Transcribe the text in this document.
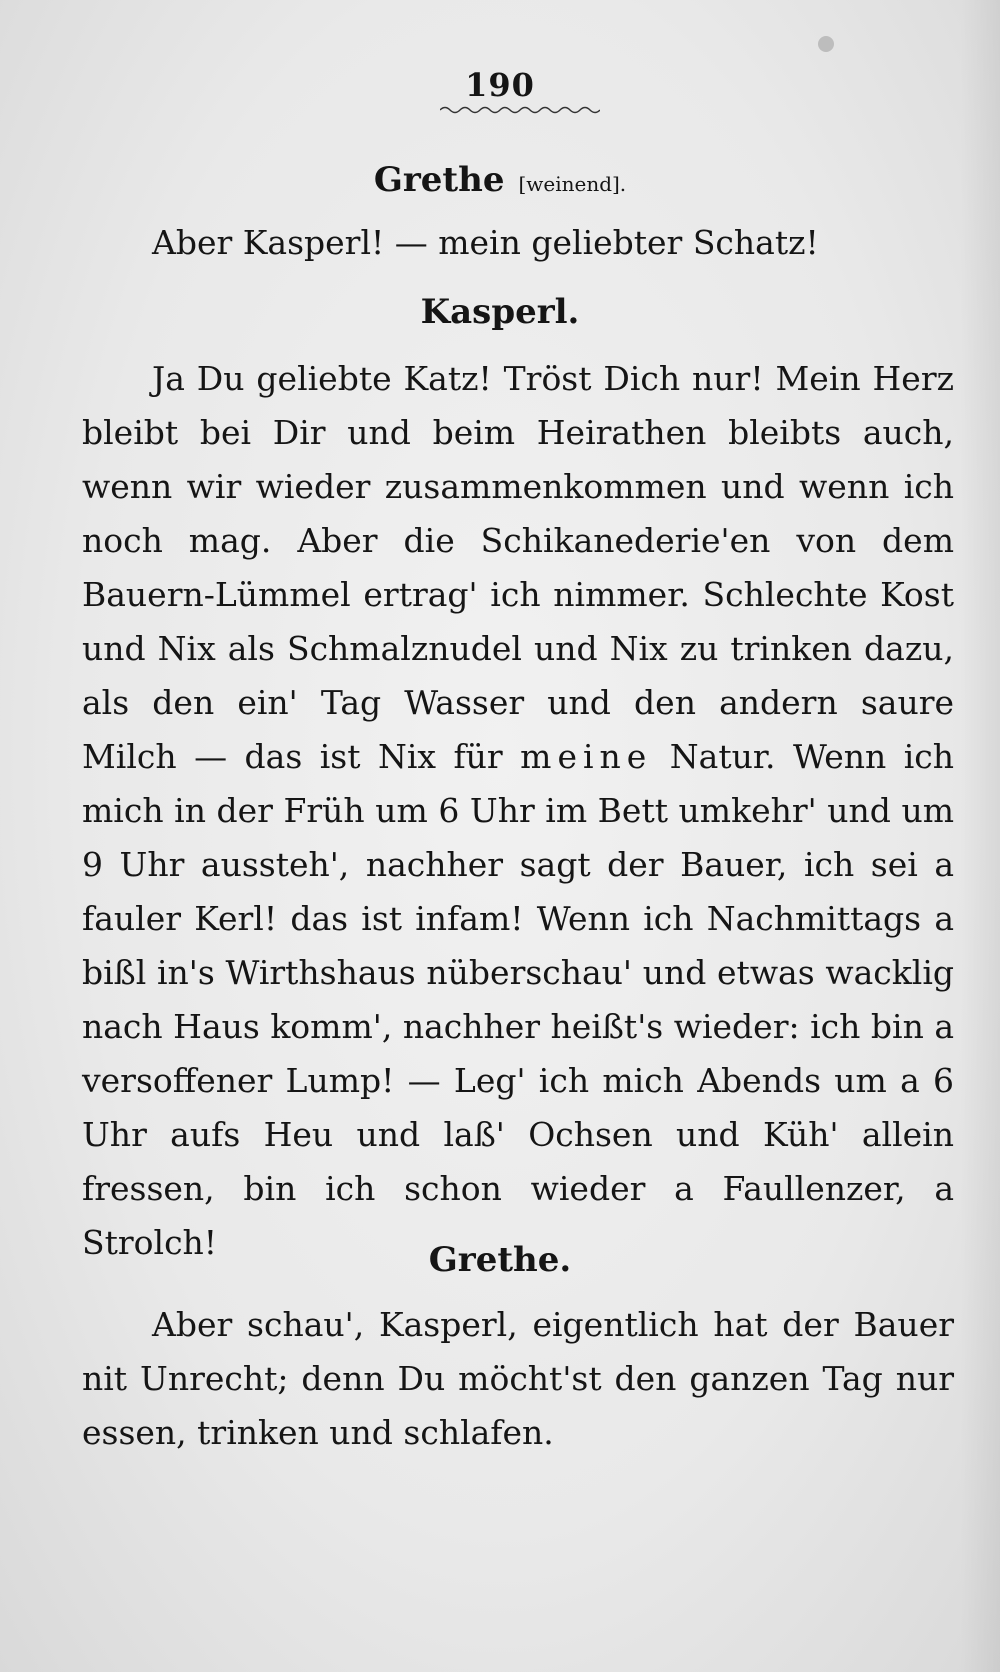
190
Grethe [weinend].

Aber Kasperl! — mein geliebter Schatz!

Kasperl.

Ja Du geliebte Katz! Tröst Dich nur! Mein Herz bleibt bei Dir und beim Heirathen bleibts auch, wenn wir wieder zusammenkommen und wenn ich noch mag. Aber die Schikanederie'en von dem Bauern-Lümmel ertrag' ich nimmer. Schlechte Kost und Nix als Schmalznudel und Nix zu trinken dazu, als den ein' Tag Wasser und den andern saure Milch — das ist Nix für meine Natur. Wenn ich mich in der Früh um 6 Uhr im Bett umkehr' und um 9 Uhr aussteh', nachher sagt der Bauer, ich sei a fauler Kerl! das ist infam! Wenn ich Nachmittags a bißl in's Wirthshaus nüberschau' und etwas wacklig nach Haus komm', nachher heißt's wieder: ich bin a versoffener Lump! — Leg' ich mich Abends um a 6 Uhr aufs Heu und laß' Ochsen und Küh' allein fressen, bin ich schon wieder a Faullenzer, a Strolch!	Grethe.

Aber schau', Kasperl, eigentlich hat der Bauer nit Unrecht; denn Du möcht'st den ganzen Tag nur essen, trinken und schlafen.
